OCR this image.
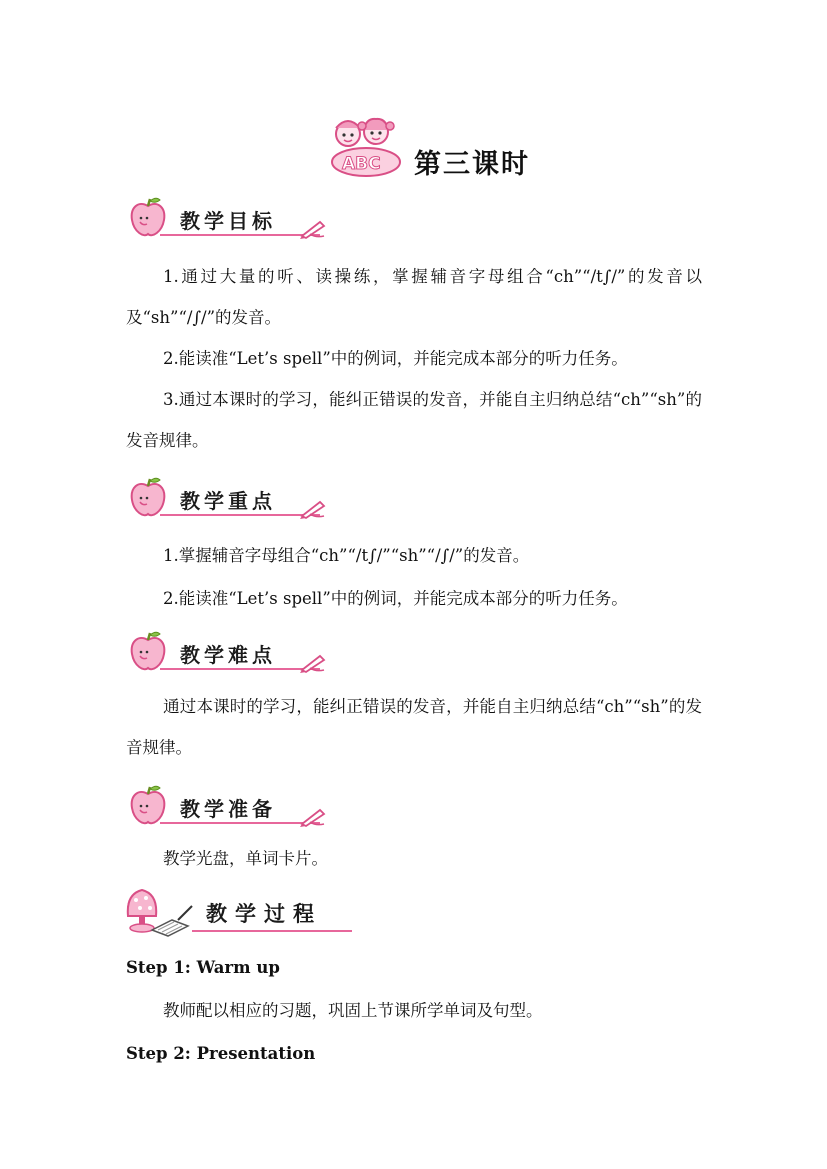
ABC 第三课时
教学目标
1.通过大量的听、读操练，掌握辅音字母组合“ch”“/t∫/”的发音以及“sh”“/∫/”的发音。
2.能读准“Let’s spell”中的例词，并能完成本部分的听力任务。
3.通过本课时的学习，能纠正错误的发音，并能自主归纳总结“ch”“sh”的发音规律。
教学重点
1.掌握辅音字母组合“ch”“/t∫/”“sh”“/∫/”的发音。
2.能读准“Let’s spell”中的例词，并能完成本部分的听力任务。
教学难点
通过本课时的学习，能纠正错误的发音，并能自主归纳总结“ch”“sh”的发音规律。
教学准备
教学光盘，单词卡片。
教学过程
Step 1: Warm up
教师配以相应的习题，巩固上节课所学单词及句型。
Step 2: Presentation
